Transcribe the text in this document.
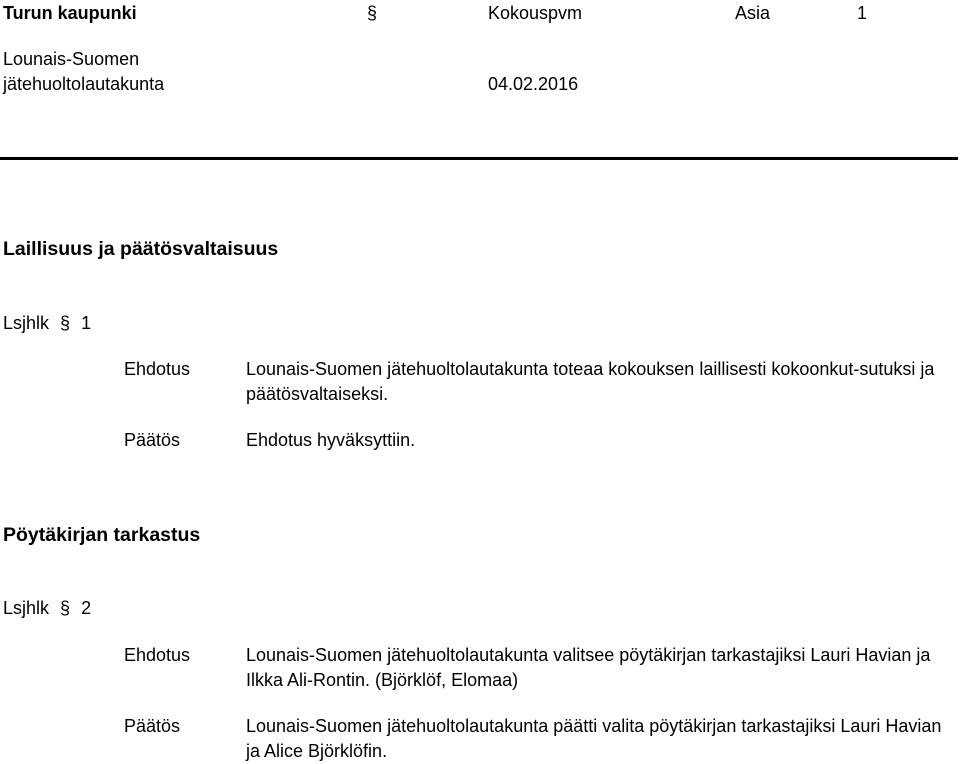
Turun kaupunki	§	Kokouspvm	Asia	1
Lounais-Suomen
jätehuoltolautakunta	04.02.2016
Laillisuus ja päätösvaltaisuus
Lsjhlk § 1
Ehdotus	Lounais-Suomen jätehuoltolautakunta toteaa kokouksen laillisesti kokoonkut-sutuksi ja päätösvaltaiseksi.
Päätös	Ehdotus hyväksyttiin.
Pöytäkirjan tarkastus
Lsjhlk § 2
Ehdotus	Lounais-Suomen jätehuoltolautakunta valitsee pöytäkirjan tarkastajiksi Lauri Havian ja Ilkka Ali-Rontin. (Björklöf, Elomaa)
Päätös	Lounais-Suomen jätehuoltolautakunta päätti valita pöytäkirjan tarkastajiksi Lauri Havian ja Alice Björklöfin.
